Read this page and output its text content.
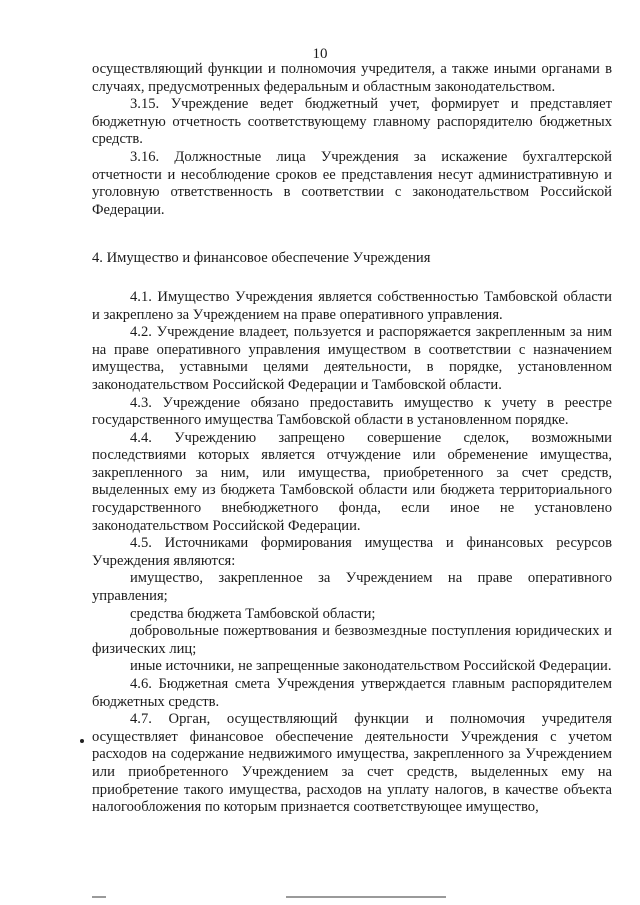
10

осуществляющий функции и полномочия учредителя, а также иными органами в случаях, предусмотренных федеральным и областным законодательством.

3.15. Учреждение ведет бюджетный учет, формирует и представляет бюджетную отчетность соответствующему главному распорядителю бюджетных средств.

3.16. Должностные лица Учреждения за искажение бухгалтерской отчетности и несоблюдение сроков ее представления несут административную и уголовную ответственность в соответствии с законодательством Российской Федерации.

4. Имущество и финансовое обеспечение Учреждения

4.1. Имущество Учреждения является собственностью Тамбовской области и закреплено за Учреждением на праве оперативного управления.

4.2. Учреждение владеет, пользуется и распоряжается закрепленным за ним на праве оперативного управления имуществом в соответствии с назначением имущества, уставными целями деятельности, в порядке, установленном законодательством Российской Федерации и Тамбовской области.

4.3. Учреждение обязано предоставить имущество к учету в реестре государственного имущества Тамбовской области в установленном порядке.

4.4. Учреждению запрещено совершение сделок, возможными последствиями которых является отчуждение или обременение имущества, закрепленного за ним, или имущества, приобретенного за счет средств, выделенных ему из бюджета Тамбовской области или бюджета территориального государственного внебюджетного фонда, если иное не установлено законодательством Российской Федерации.

4.5. Источниками формирования имущества и финансовых ресурсов Учреждения являются:

имущество, закрепленное за Учреждением на праве оперативного управления;

средства бюджета Тамбовской области;

добровольные пожертвования и безвозмездные поступления юридических и физических лиц;

иные источники, не запрещенные законодательством Российской Федерации.

4.6. Бюджетная смета Учреждения утверждается главным распорядителем бюджетных средств.

4.7. Орган, осуществляющий функции и полномочия учредителя осуществляет финансовое обеспечение деятельности Учреждения с учетом расходов на содержание недвижимого имущества, закрепленного за Учреждением или приобретенного Учреждением за счет средств, выделенных ему на приобретение такого имущества, расходов на уплату налогов, в качестве объекта налогообложения по которым признается соответствующее имущество,
